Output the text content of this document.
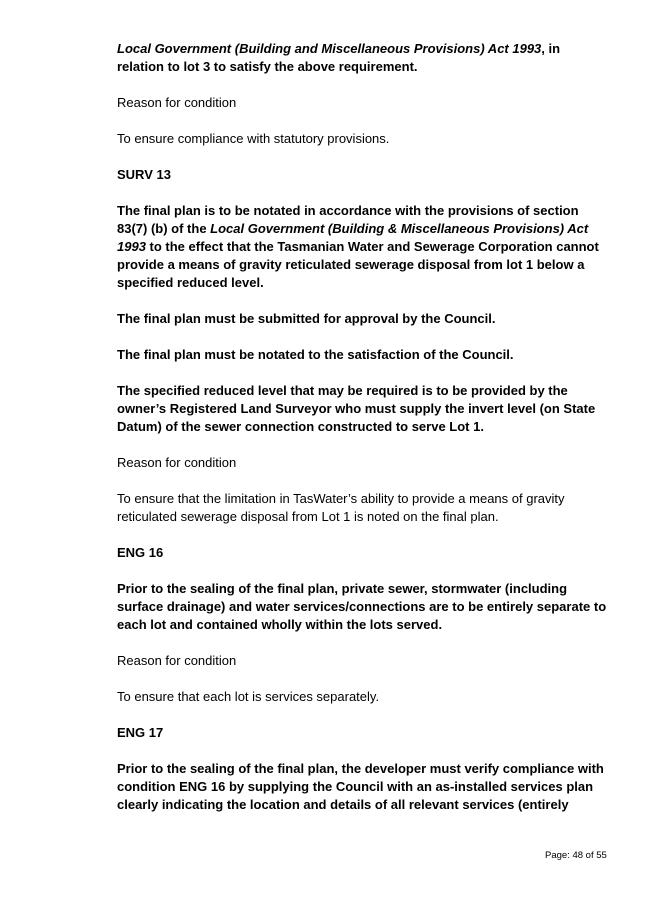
Local Government (Building and Miscellaneous Provisions) Act 1993, in relation to lot 3 to satisfy the above requirement.

Reason for condition

To ensure compliance with statutory provisions.

SURV 13

The final plan is to be notated in accordance with the provisions of section 83(7) (b) of the Local Government (Building & Miscellaneous Provisions) Act 1993 to the effect that the Tasmanian Water and Sewerage Corporation cannot provide a means of gravity reticulated sewerage disposal from lot 1 below a specified reduced level.

The final plan must be submitted for approval by the Council.

The final plan must be notated to the satisfaction of the Council.

The specified reduced level that may be required is to be provided by the owner’s Registered Land Surveyor who must supply the invert level (on State Datum) of the sewer connection constructed to serve Lot 1.

Reason for condition

To ensure that the limitation in TasWater’s ability to provide a means of gravity reticulated sewerage disposal from Lot 1 is noted on the final plan.

ENG 16

Prior to the sealing of the final plan, private sewer, stormwater (including surface drainage) and water services/connections are to be entirely separate to each lot and contained wholly within the lots served.

Reason for condition

To ensure that each lot is services separately.

ENG 17

Prior to the sealing of the final plan, the developer must verify compliance with condition ENG 16 by supplying the Council with an as-installed services plan clearly indicating the location and details of all relevant services (entirely

Page: 48 of 55
